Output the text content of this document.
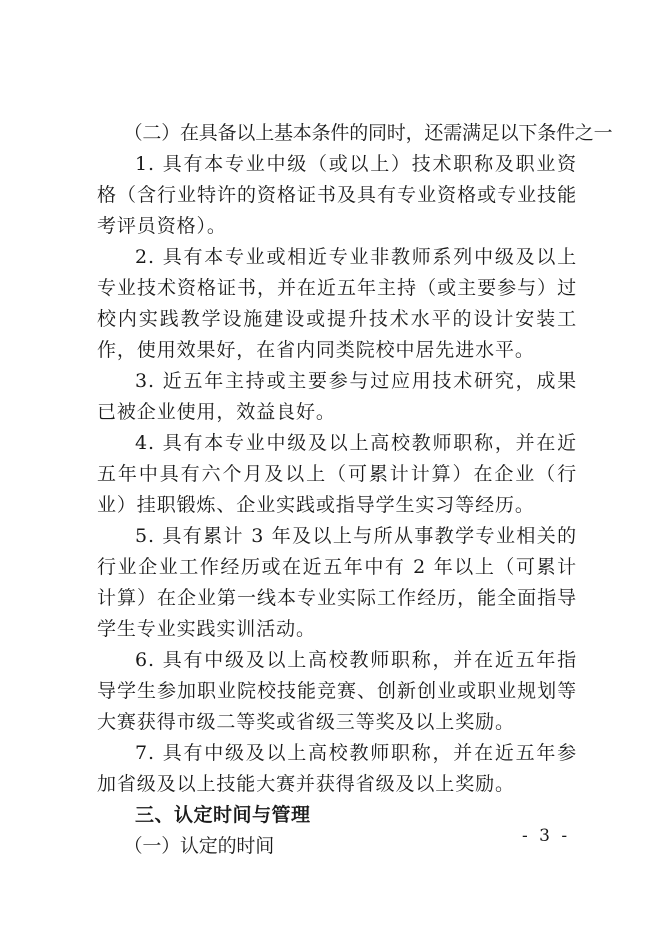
（二）在具备以上基本条件的同时，还需满足以下条件之一

1. 具有本专业中级（或以上）技术职称及职业资格（含行业特许的资格证书及具有专业资格或专业技能考评员资格）。

2. 具有本专业或相近专业非教师系列中级及以上专业技术资格证书，并在近五年主持（或主要参与）过校内实践教学设施建设或提升技术水平的设计安装工作，使用效果好，在省内同类院校中居先进水平。

3. 近五年主持或主要参与过应用技术研究，成果已被企业使用，效益良好。

4. 具有本专业中级及以上高校教师职称，并在近五年中具有六个月及以上（可累计计算）在企业（行业）挂职锻炼、企业实践或指导学生实习等经历。

5. 具有累计 3 年及以上与所从事教学专业相关的行业企业工作经历或在近五年中有 2 年以上（可累计计算）在企业第一线本专业实际工作经历，能全面指导学生专业实践实训活动。

6. 具有中级及以上高校教师职称，并在近五年指导学生参加职业院校技能竞赛、创新创业或职业规划等大赛获得市级二等奖或省级三等奖及以上奖励。

7. 具有中级及以上高校教师职称，并在近五年参加省级及以上技能大赛并获得省级及以上奖励。

三、认定时间与管理

（一）认定的时间	- 3 -
